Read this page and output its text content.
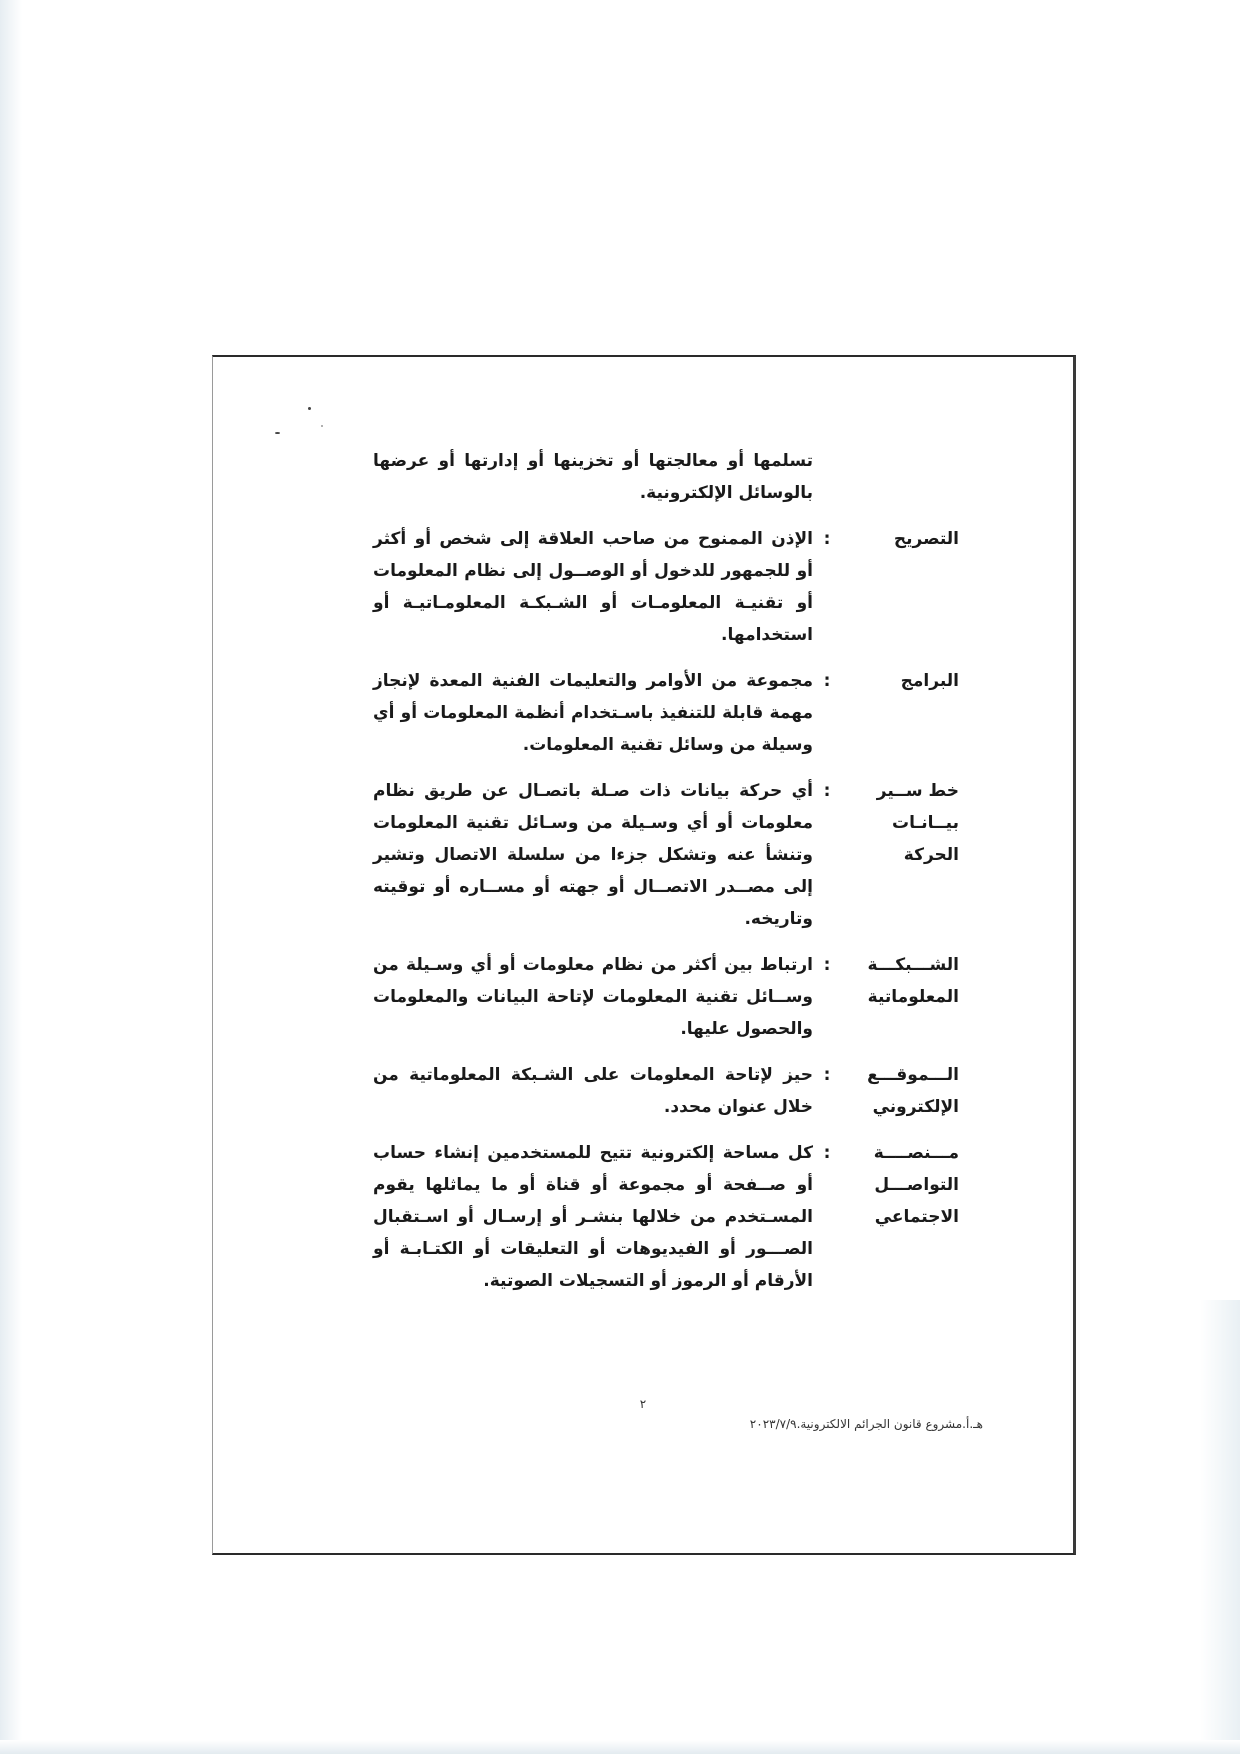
تسلمها أو معالجتها أو تخزينها أو إدارتها أو عرضها بالوسائل الإلكترونية.
التصريح
:
الإذن الممنوح من صاحب العلاقة إلى شخص أو أكثر أو للجمهور للدخول أو الوصــول إلى نظام المعلومات أو تقنيـة المعلومـات أو الشـبكـة المعلومـاتيـة أو استخدامها.
البرامج
:
مجموعة من الأوامر والتعليمات الفنية المعدة لإنجاز مهمة قابلة للتنفيذ باسـتخدام أنظمة المعلومات أو أي وسيلة من وسائل تقنية المعلومات.
خط ســير بيــانـات الحركة
:
أي حركة بيانات ذات صـلة باتصـال عن طريق نظام معلومات أو أي وسـيلة من وسـائل تقنية المعلومات وتنشأ عنه وتشكل جزءا من سلسلة الاتصال وتشير إلى مصــدر الاتصــال أو جهته أو مســاره أو توقيته وتاريخه.
الشـــبكـــة المعلوماتية
:
ارتباط بين أكثر من نظام معلومات أو أي وسـيلة من وســائل تقنية المعلومات لإتاحة البيانات والمعلومات والحصول عليها.
الـــموقـــع الإلكتروني
:
حيز لإتاحة المعلومات على الشـبكة المعلوماتية من خلال عنوان محدد.
مـــنصــــة التواصـــل الاجتماعي
:
كل مساحة إلكترونية تتيح للمستخدمين إنشاء حساب أو صــفحة أو مجموعة أو قناة أو ما يماثلها يقوم المسـتخدم من خلالها بنشـر أو إرسـال أو اسـتقبال الصـــور أو الفيديوهات أو التعليقات أو الكتـابـة أو الأرقام أو الرموز أو التسجيلات الصوتية.
٢
هـ.أ.مشروع قانون الجرائم الالكترونية.٢٠٢٣/٧/٩
